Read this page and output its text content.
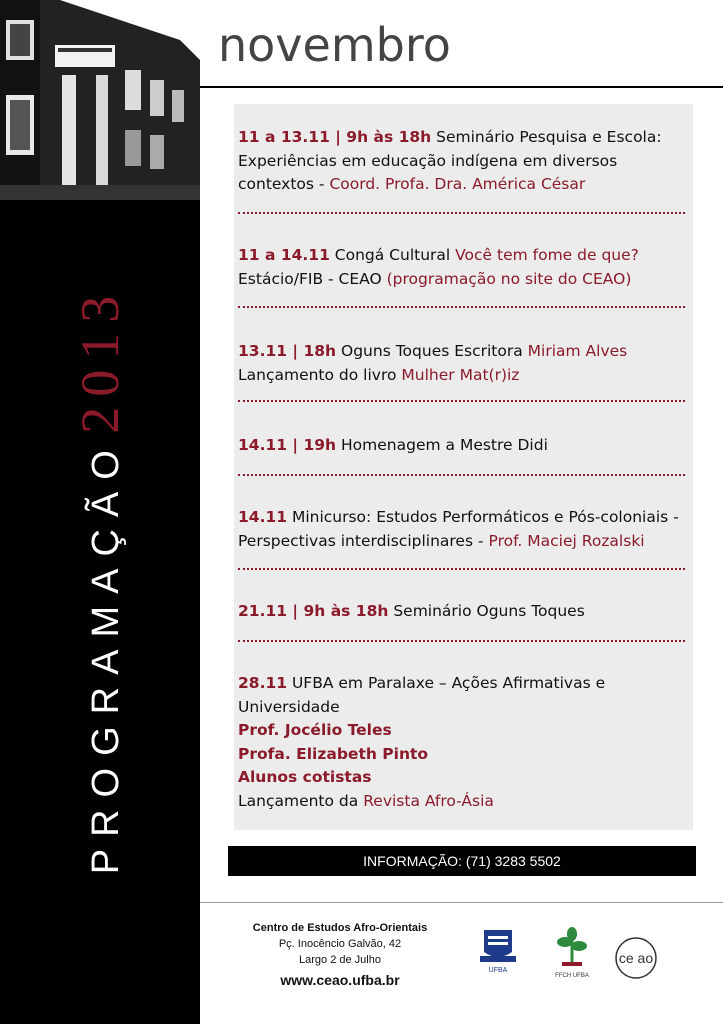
PROGRAMAÇÃO 2013
novembro
11 a 13.11 | 9h às 18h Seminário Pesquisa e Escola: Experiências em educação indígena em diversos contextos - Coord. Profa. Dra. América César
11 a 14.11 Congá Cultural Você tem fome de que? Estácio/FIB - CEAO (programação no site do CEAO)
13.11 | 18h Oguns Toques Escritora Miriam Alves
Lançamento do livro Mulher Mat(r)iz
14.11 | 19h Homenagem a Mestre Didi
14.11 Minicurso: Estudos Performáticos e Pós-coloniais - Perspectivas interdisciplinares - Prof. Maciej Rozalski
21.11 | 9h às 18h Seminário Oguns Toques
28.11 UFBA em Paralaxe – Ações Afirmativas e Universidade
Prof. Jocélio Teles
Profa. Elizabeth Pinto
Alunos cotistas
Lançamento da Revista Afro-Ásia
INFORMAÇÃO: (71) 3283 5502
Centro de Estudos Afro-Orientais
Pç. Inocêncio Galvão, 42
Largo 2 de Julho
www.ceao.ufba.br
UFBA
FFCH UFBA
ce ao
